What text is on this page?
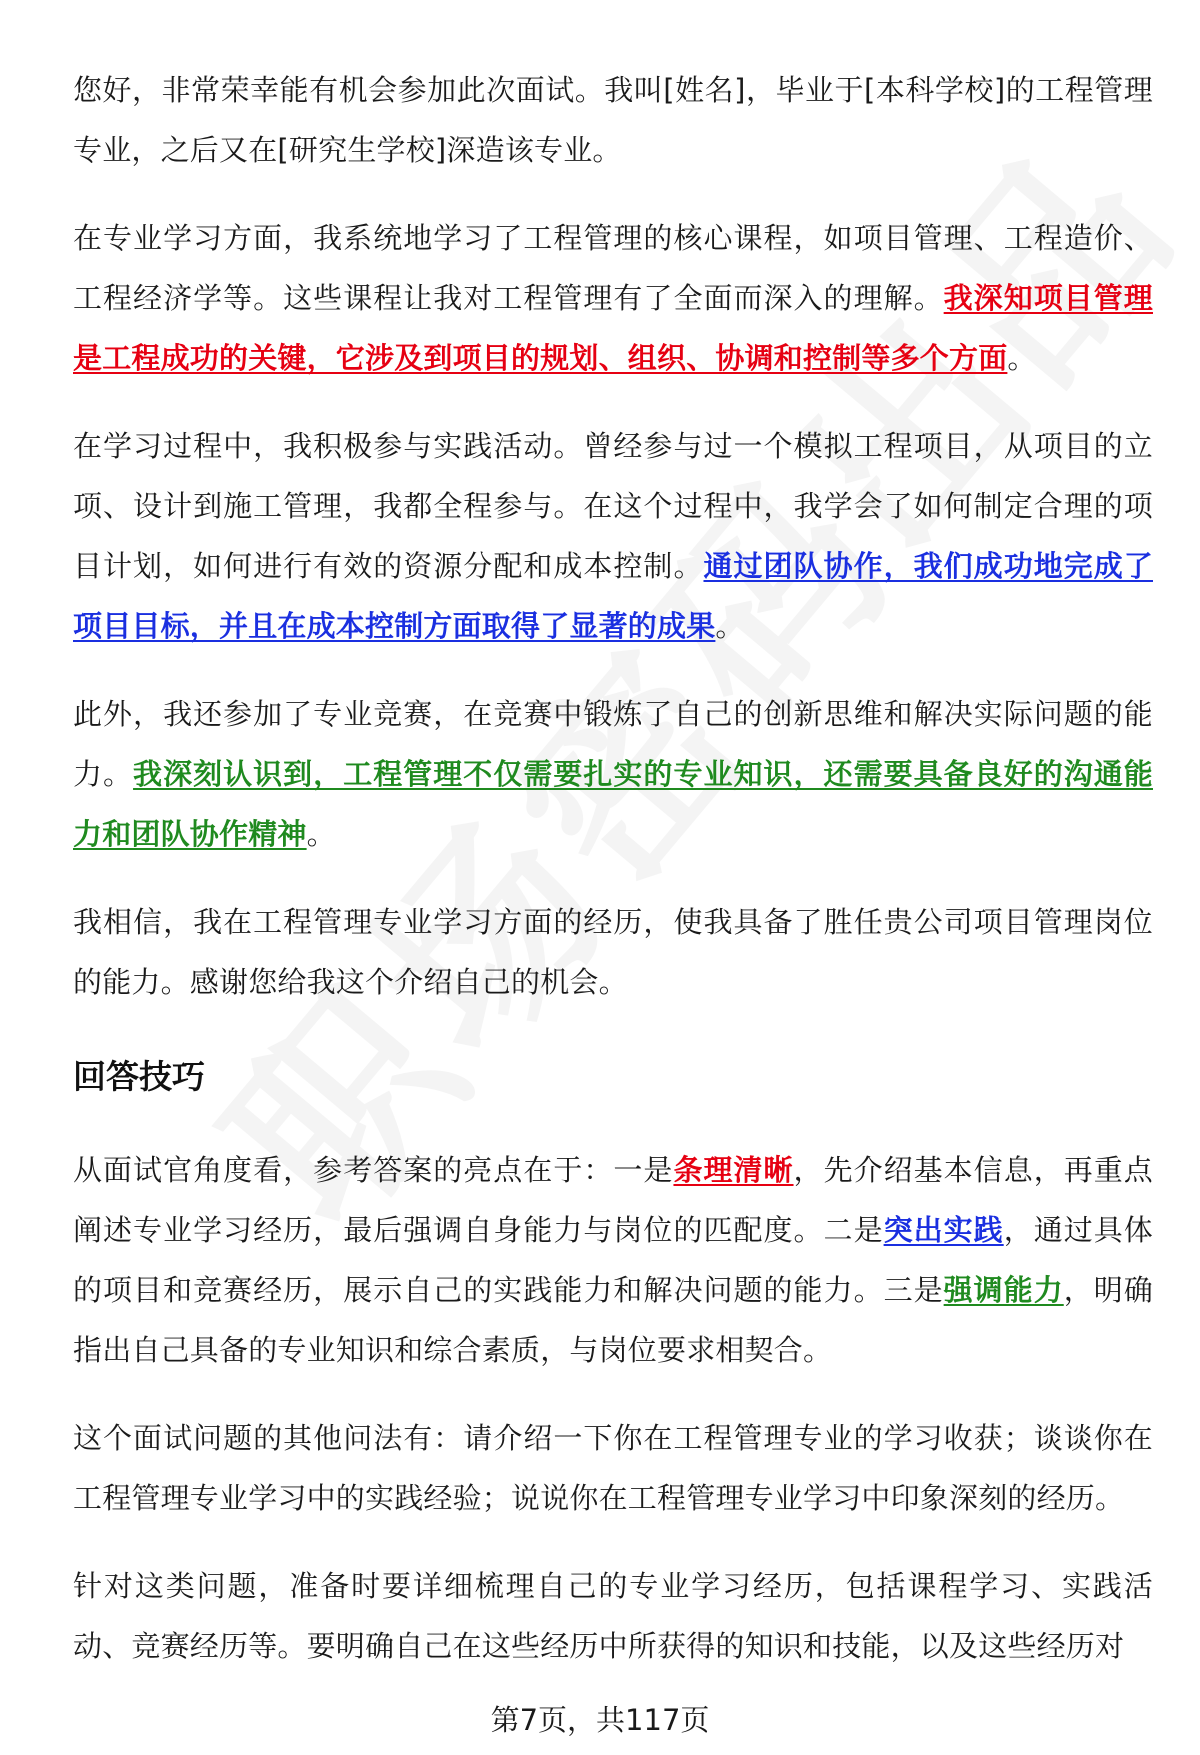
您好，非常荣幸能有机会参加此次面试。我叫[姓名]，毕业于[本科学校]的工程管理专业，之后又在[研究生学校]深造该专业。

在专业学习方面，我系统地学习了工程管理的核心课程，如项目管理、工程造价、工程经济学等。这些课程让我对工程管理有了全面而深入的理解。我深知项目管理是工程成功的关键，它涉及到项目的规划、组织、协调和控制等多个方面。

在学习过程中，我积极参与实践活动。曾经参与过一个模拟工程项目，从项目的立项、设计到施工管理，我都全程参与。在这个过程中，我学会了如何制定合理的项目计划，如何进行有效的资源分配和成本控制。通过团队协作，我们成功地完成了项目目标，并且在成本控制方面取得了显著的成果。

此外，我还参加了专业竞赛，在竞赛中锻炼了自己的创新思维和解决实际问题的能力。我深刻认识到，工程管理不仅需要扎实的专业知识，还需要具备良好的沟通能力和团队协作精神。

我相信，我在工程管理专业学习方面的经历，使我具备了胜任贵公司项目管理岗位的能力。感谢您给我这个介绍自己的机会。

回答技巧

从面试官角度看，参考答案的亮点在于：一是条理清晰，先介绍基本信息，再重点阐述专业学习经历，最后强调自身能力与岗位的匹配度。二是突出实践，通过具体的项目和竞赛经历，展示自己的实践能力和解决问题的能力。三是强调能力，明确指出自己具备的专业知识和综合素质，与岗位要求相契合。

这个面试问题的其他问法有：请介绍一下你在工程管理专业的学习收获；谈谈你在工程管理专业学习中的实践经验；说说你在工程管理专业学习中印象深刻的经历。

针对这类问题，准备时要详细梳理自己的专业学习经历，包括课程学习、实践活动、竞赛经历等。要明确自己在这些经历中所获得的知识和技能，以及这些经历对

第7页，共117页
